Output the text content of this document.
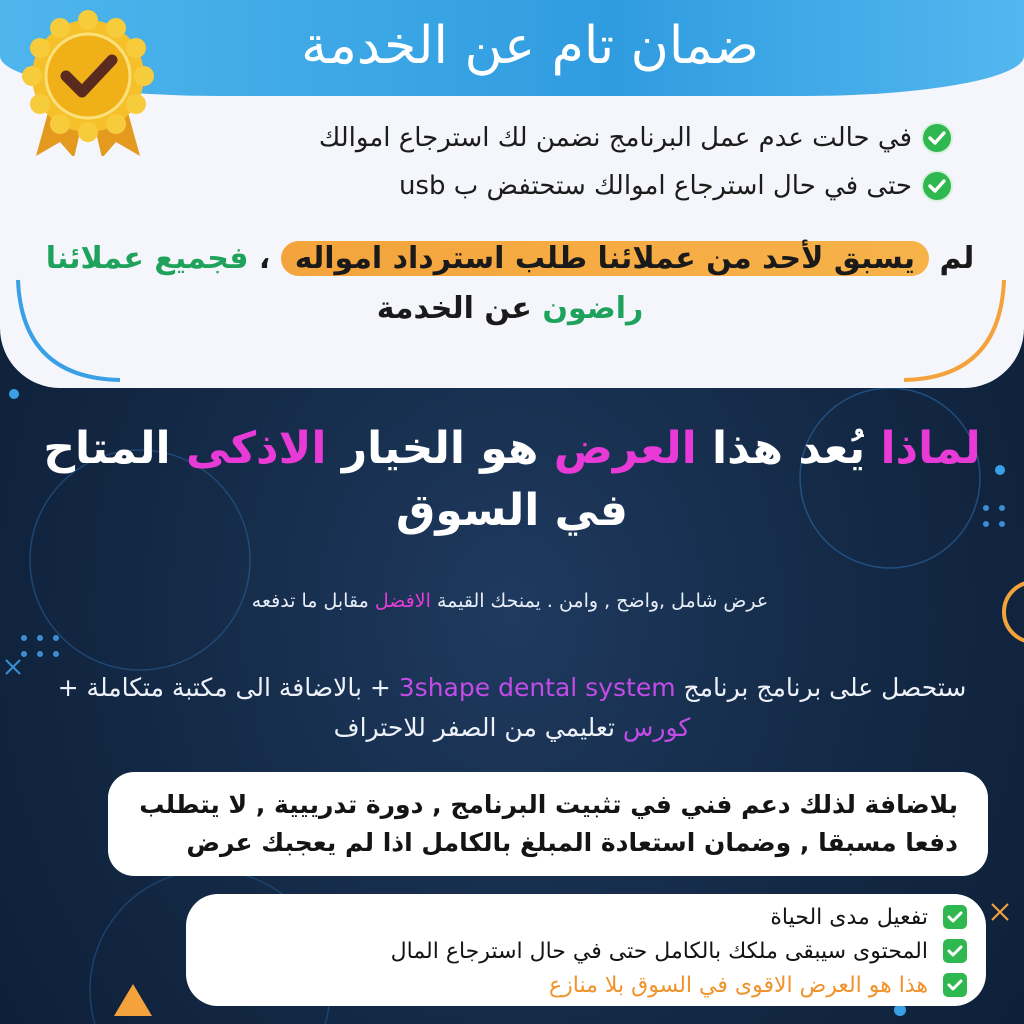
ضمان تام عن الخدمة
في حالت عدم عمل البرنامج نضمن لك استرجاع اموالك
حتى في حال استرجاع اموالك ستحتفض ب usb
لم يسبق لأحد من عملائنا طلب استرداد امواله ، فجميع عملائنا راضون عن الخدمة
لماذا يُعد هذا العرض هو الخيار الاذكى المتاح
في السوق
عرض شامل ,واضح , وامن . يمنحك القيمة الافضل مقابل ما تدفعه
ستحصل على برنامج برنامج 3shape dental system + بالاضافة الى مكتبة متكاملة + كورس تعليمي من الصفر للاحتراف
بلاضافة لذلك دعم فني في تثبيت البرنامج , دورة تدرييية , لا يتطلب دفعا مسبقا , وضمان استعادة المبلغ بالكامل اذا لم يعجبك عرض
تفعيل مدى الحياة
المحتوى سيبقى ملكك بالكامل حتى في حال استرجاع المال
هذا هو العرض الاقوى في السوق بلا منازع
